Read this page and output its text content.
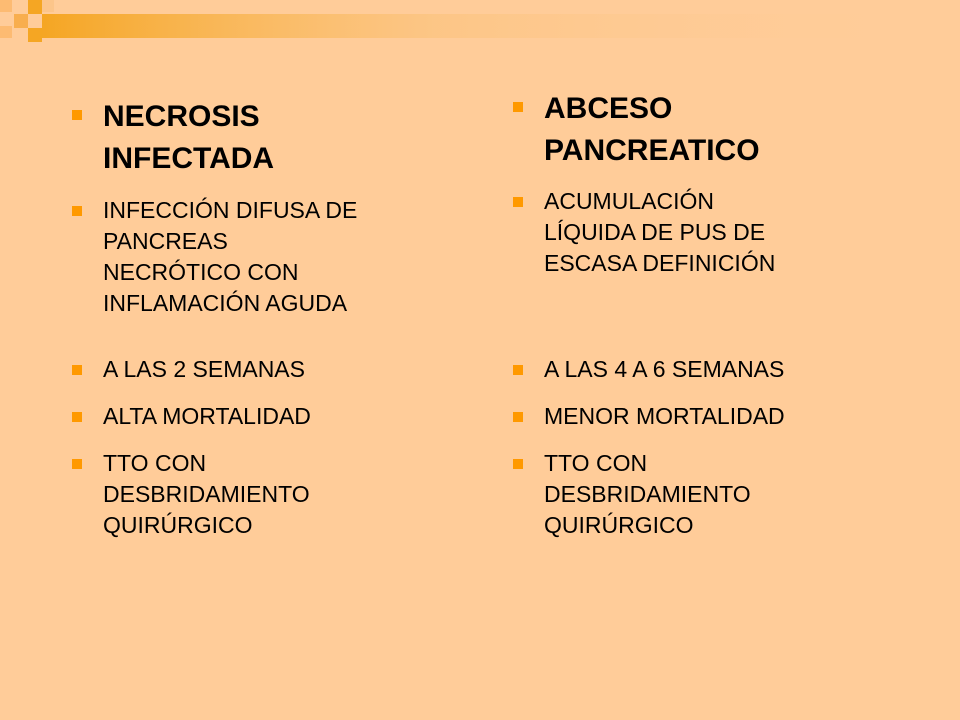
NECROSIS
INFECTADA
INFECCIÓN DIFUSA DE
PANCREAS
NECRÓTICO CON
INFLAMACIÓN AGUDA
A LAS 2 SEMANAS
ALTA MORTALIDAD
TTO CON
DESBRIDAMIENTO
QUIRÚRGICO
ABCESO
PANCREATICO
ACUMULACIÓN
LÍQUIDA DE PUS DE
ESCASA DEFINICIÓN
A LAS 4 A 6 SEMANAS
MENOR MORTALIDAD
TTO CON
DESBRIDAMIENTO
QUIRÚRGICO
